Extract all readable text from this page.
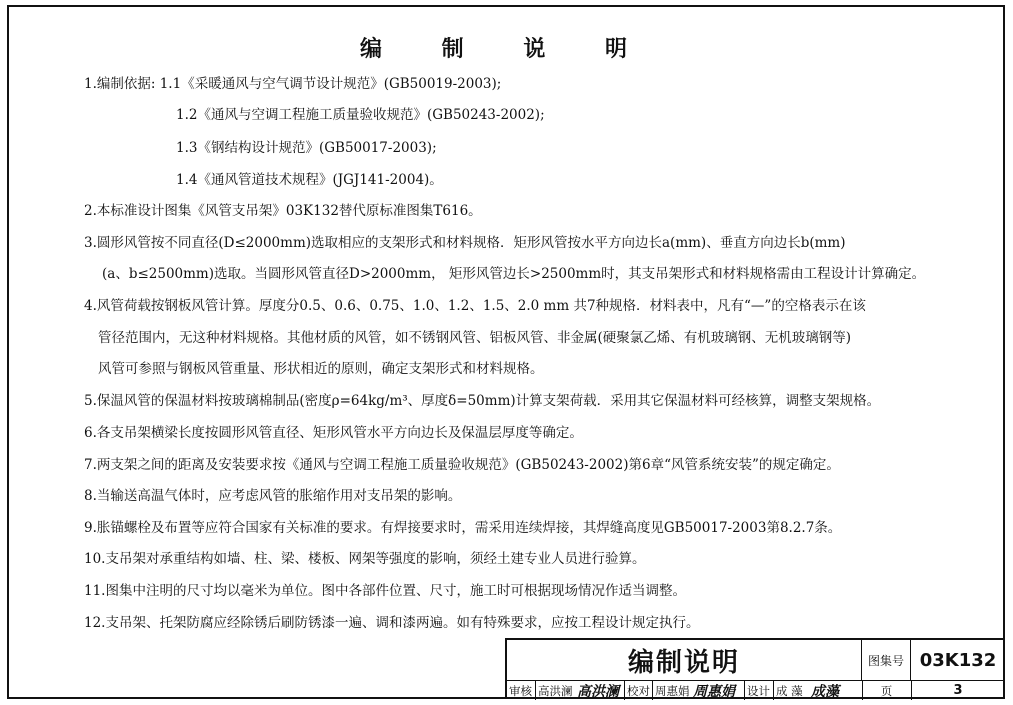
编 制 说 明
1.编制依据: 1.1《采暖通风与空气调节设计规范》(GB50019-2003);
1.2《通风与空调工程施工质量验收规范》(GB50243-2002);
1.3《钢结构设计规范》(GB50017-2003);
1.4《通风管道技术规程》(JGJ141-2004)。
2.本标准设计图集《风管支吊架》03K132替代原标准图集T616。
3.圆形风管按不同直径(D≤2000mm)选取相应的支架形式和材料规格．矩形风管按水平方向边长a(mm)、垂直方向边长b(mm)
(a、b≤2500mm)选取。当圆形风管直径D>2000mm， 矩形风管边长>2500mm时，其支吊架形式和材料规格需由工程设计计算确定。
4.风管荷载按钢板风管计算。厚度分0.5、0.6、0.75、1.0、1.2、1.5、2.0 mm 共7种规格．材料表中，凡有“—”的空格表示在该
管径范围内，无这种材料规格。其他材质的风管，如不锈钢风管、铝板风管、非金属(硬聚氯乙烯、有机玻璃钢、无机玻璃钢等)
风管可参照与钢板风管重量、形状相近的原则，确定支架形式和材料规格。
5.保温风管的保温材料按玻璃棉制品(密度ρ=64kg/m³、厚度δ=50mm)计算支架荷载．采用其它保温材料可经核算，调整支架规格。
6.各支吊架横梁长度按圆形风管直径、矩形风管水平方向边长及保温层厚度等确定。
7.两支架之间的距离及安装要求按《通风与空调工程施工质量验收规范》(GB50243-2002)第6章“风管系统安装”的规定确定。
8.当输送高温气体时，应考虑风管的胀缩作用对支吊架的影响。
9.胀锚螺栓及布置等应符合国家有关标准的要求。有焊接要求时，需采用连续焊接，其焊缝高度见GB50017-2003第8.2.7条。
10.支吊架对承重结构如墙、柱、梁、楼板、网架等强度的影响，须经土建专业人员进行验算。
11.图集中注明的尺寸均以毫米为单位。图中各部件位置、尺寸，施工时可根据现场情况作适当调整。
12.支吊架、托架防腐应经除锈后刷防锈漆一遍、调和漆两遍。如有特殊要求，应按工程设计规定执行。
编制说明	图集号 03K132
审核 高洪澜 高洪澜 校对 周惠娟 周惠娟 设计 成 藻 成藻	页	3
